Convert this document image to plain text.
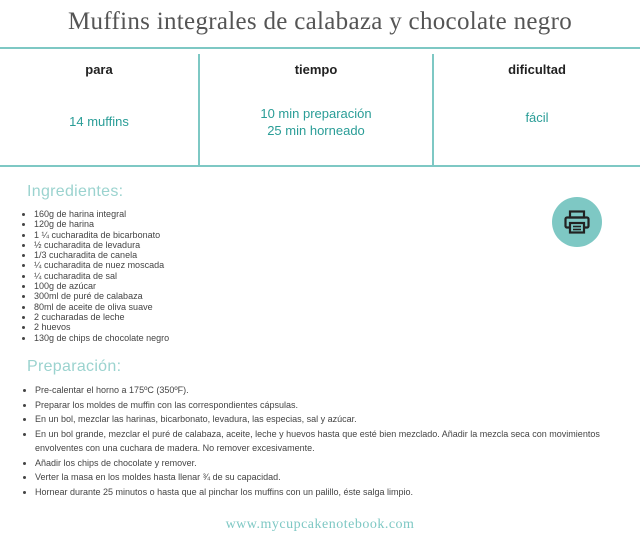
Muffins integrales de calabaza y chocolate negro
para
14 muffins
tiempo
10 min preparación
25 min horneado
dificultad
fácil
Ingredientes:
• 160g de harina integral
• 120g de harina
• 1 ¼ cucharadita de bicarbonato
• ½ cucharadita de levadura
• 1/3 cucharadita de canela
• ¼ cucharadita de nuez moscada
• ¼ cucharadita de sal
• 100g de azúcar
• 300ml de puré de calabaza
• 80ml de aceite de oliva suave
• 2 cucharadas de leche
• 2 huevos
• 130g de chips de chocolate negro
Preparación:
• Pre-calentar el horno a 175ºC (350ºF).
• Preparar los moldes de muffin con las correspondientes cápsulas.
• En un bol, mezclar las harinas, bicarbonato, levadura, las especias, sal y azúcar.
• En un bol grande, mezclar el puré de calabaza, aceite, leche y huevos hasta que esté bien mezclado. Añadir la mezcla seca con movimientos envolventes con una cuchara de madera. No remover excesivamente.
• Añadir los chips de chocolate y remover.
• Verter la masa en los moldes hasta llenar ¾ de su capacidad.
• Hornear durante 25 minutos o hasta que al pinchar los muffins con un palillo, éste salga limpio.
www.mycupcakenotebook.com
